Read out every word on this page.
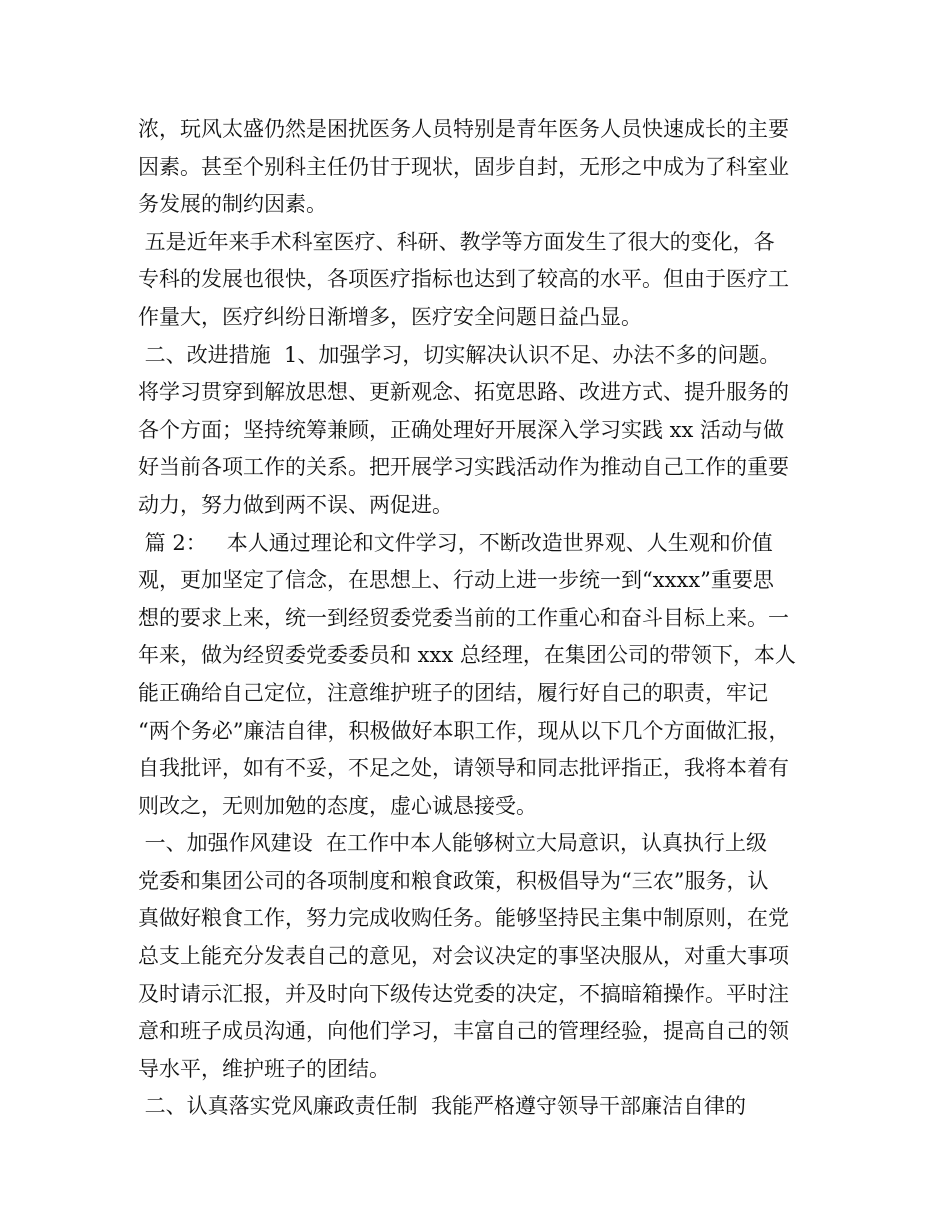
浓，玩风太盛仍然是困扰医务人员特别是青年医务人员快速成长的主要
因素。甚至个别科主任仍甘于现状，固步自封，无形之中成为了科室业
务发展的制约因素。
五是近年来手术科室医疗、科研、教学等方面发生了很大的变化，各
专科的发展也很快，各项医疗指标也达到了较高的水平。但由于医疗工
作量大，医疗纠纷日渐增多，医疗安全问题日益凸显。
二、改进措施  1、加强学习，切实解决认识不足、办法不多的问题。
将学习贯穿到解放思想、更新观念、拓宽思路、改进方式、提升服务的
各个方面；坚持统筹兼顾，正确处理好开展深入学习实践 xx 活动与做
好当前各项工作的关系。把开展学习实践活动作为推动自己工作的重要
动力，努力做到两不误、两促进。
篇 2：   本人通过理论和文件学习，不断改造世界观、人生观和价值
观，更加坚定了信念，在思想上、行动上进一步统一到“xxxx”重要思
想的要求上来，统一到经贸委党委当前的工作重心和奋斗目标上来。一
年来，做为经贸委党委委员和 xxx 总经理，在集团公司的带领下，本人
能正确给自己定位，注意维护班子的团结，履行好自己的职责，牢记
“两个务必”廉洁自律，积极做好本职工作，现从以下几个方面做汇报，
自我批评，如有不妥，不足之处，请领导和同志批评指正，我将本着有
则改之，无则加勉的态度，虚心诚恳接受。
一、加强作风建设  在工作中本人能够树立大局意识，认真执行上级
党委和集团公司的各项制度和粮食政策，积极倡导为“三农”服务，认
真做好粮食工作，努力完成收购任务。能够坚持民主集中制原则，在党
总支上能充分发表自己的意见，对会议决定的事坚决服从，对重大事项
及时请示汇报，并及时向下级传达党委的决定，不搞暗箱操作。平时注
意和班子成员沟通，向他们学习，丰富自己的管理经验，提高自己的领
导水平，维护班子的团结。
二、认真落实党风廉政责任制  我能严格遵守领导干部廉洁自律的
